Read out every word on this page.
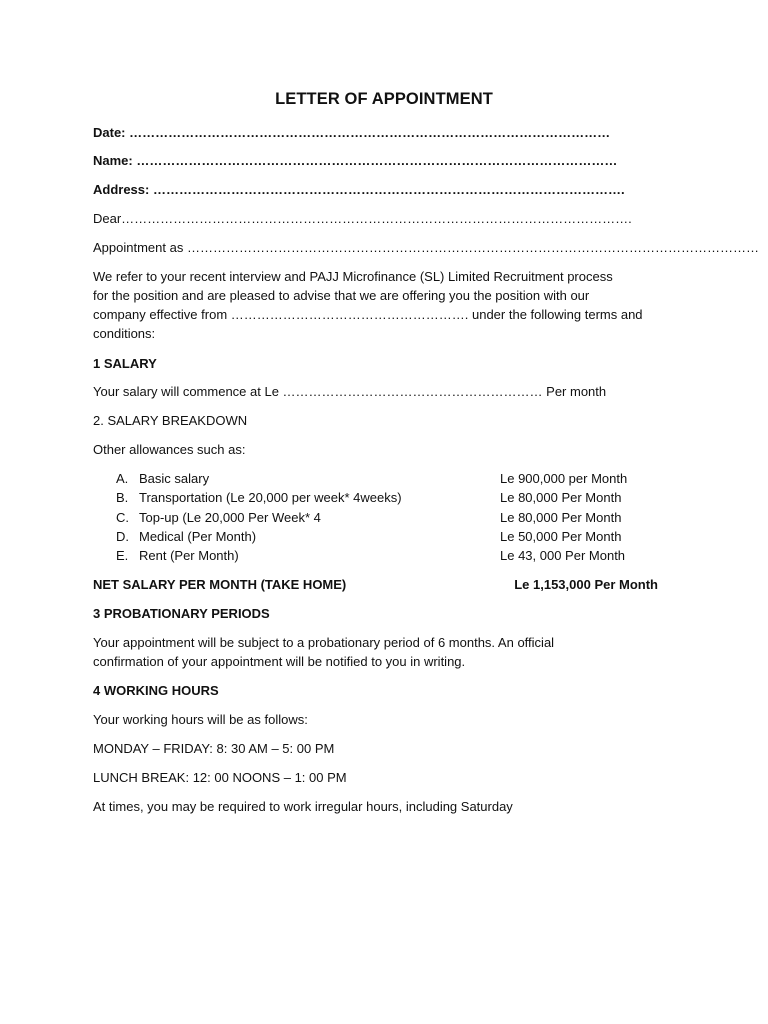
LETTER OF APPOINTMENT
Date: …………………………………………………………………………………………………
Name: …………………………………………………………………………………………………
Address: ……………………………………………………………………………………………….
Dear……………………………………………………………………………………………………….
Appointment as ……………………………………………………………………………………………………………………
We refer to your recent interview and PAJJ Microfinance (SL) Limited Recruitment process
for the position and are pleased to advise that we are offering you the position with our
company effective from ………………………………………………. under the following terms and
conditions:
1 SALARY
Your salary will commence at Le …………………………………………………… Per month
2. SALARY BREAKDOWN
Other allowances such as:
A. Basic salary	Le 900,000 per Month
B. Transportation (Le 20,000 per week* 4weeks)	Le 80,000 Per Month
C. Top-up (Le 20,000 Per Week* 4	Le 80,000 Per Month
D. Medical (Per Month)	Le 50,000 Per Month
E. Rent (Per Month)	Le 43, 000 Per Month
NET SALARY PER MONTH (TAKE HOME)	Le 1,153,000 Per Month
3 PROBATIONARY PERIODS
Your appointment will be subject to a probationary period of 6 months. An official
confirmation of your appointment will be notified to you in writing.
4 WORKING HOURS
Your working hours will be as follows:
MONDAY – FRIDAY: 8: 30 AM – 5: 00 PM
LUNCH BREAK: 12: 00 NOONS – 1: 00 PM
At times, you may be required to work irregular hours, including Saturday
